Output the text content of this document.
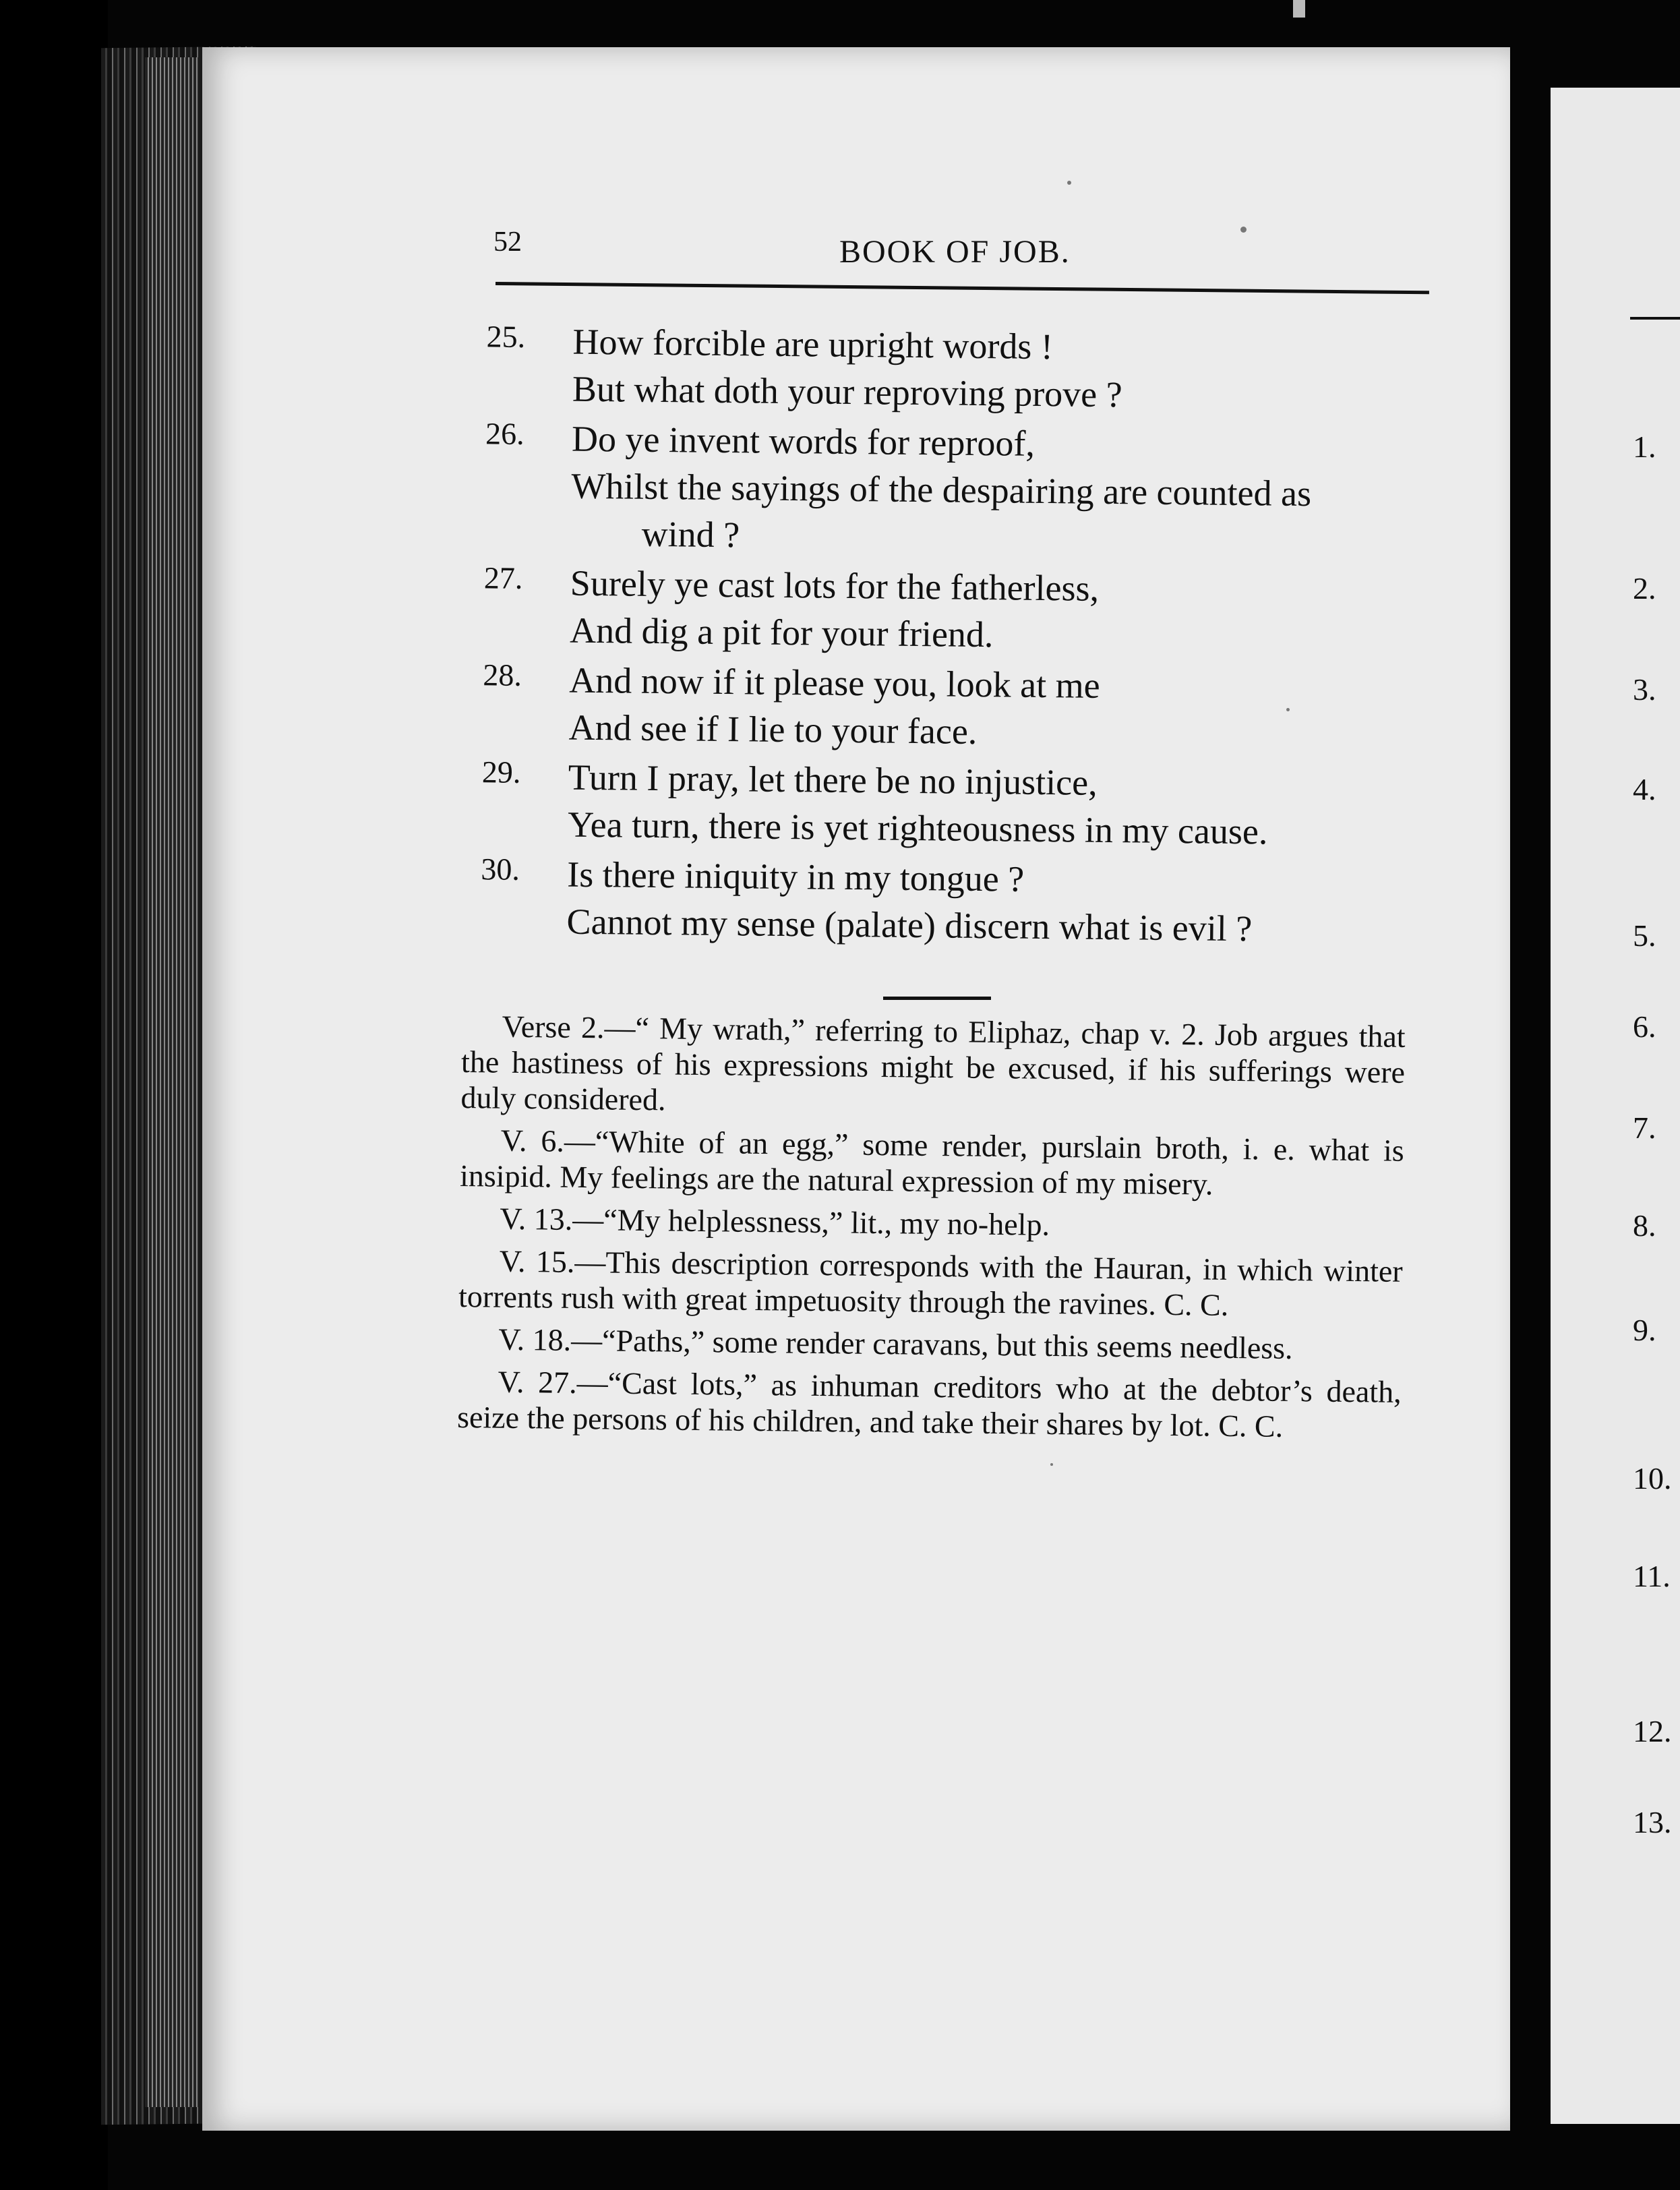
1.
2.
3.
4.
5.
6.
7.
8.
9.
10.
11.
12.
13.
52	BOOK OF JOB.
25. How forcible are upright words !
But what doth your reproving prove ?
26. Do ye invent words for reproof,
Whilst the sayings of the despairing are counted as
wind ?
27. Surely ye cast lots for the fatherless,
And dig a pit for your friend.
28. And now if it please you, look at me
And see if I lie to your face.
29. Turn I pray, let there be no injustice,
Yea turn, there is yet righteousness in my cause.
30. Is there iniquity in my tongue ?
Cannot my sense (palate) discern what is evil ?

Verse 2.—“ My wrath,” referring to Eliphaz, chap v. 2. Job argues that the hastiness of his expressions might be excused, if his sufferings were duly considered.

V. 6.—“White of an egg,” some render, purslain broth, i. e. what is insipid. My feelings are the natural expression of my misery.

V. 13.—“My helplessness,” lit., my no-help.

V. 15.—This description corresponds with the Hauran, in which winter torrents rush with great impetuosity through the ravines. C. C.

V. 18.—“Paths,” some render caravans, but this seems needless.

V. 27.—“Cast lots,” as inhuman creditors who at the debtor’s death, seize the persons of his children, and take their shares by lot. C. C.
